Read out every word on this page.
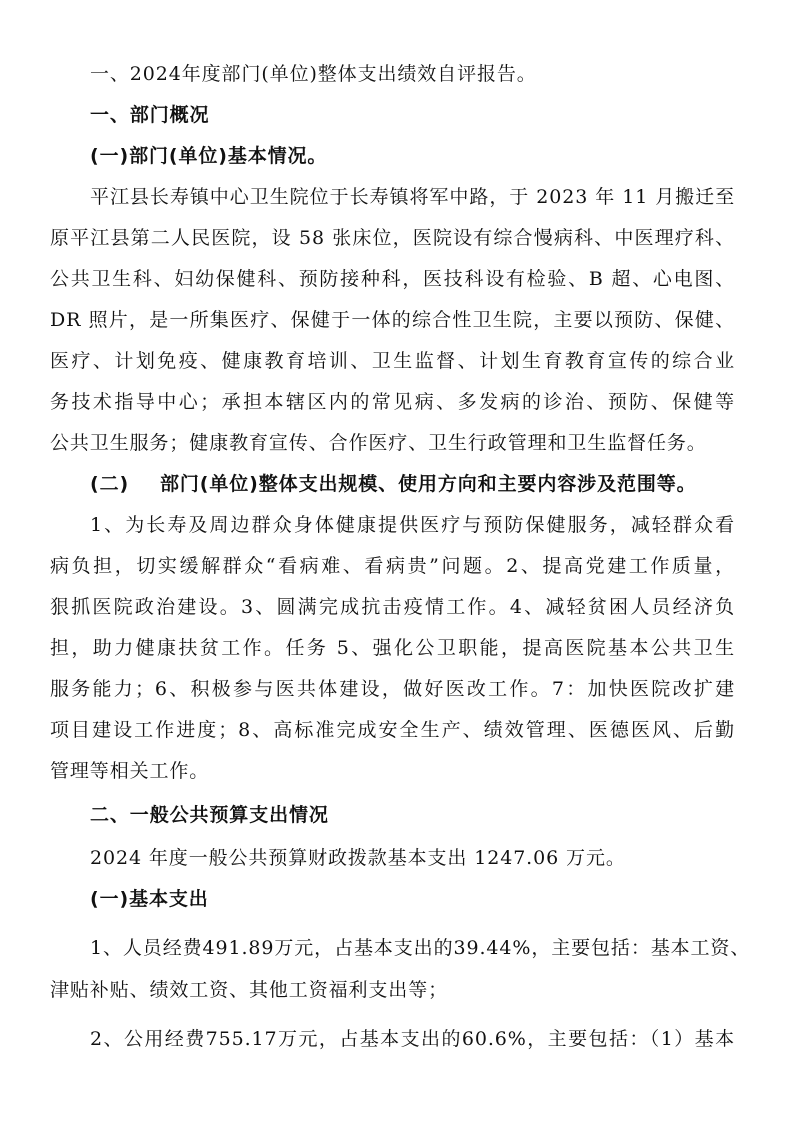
一、2024年度部门(单位)整体支出绩效自评报告。
一、部门概况
(一)部门(单位)基本情况。
平江县长寿镇中心卫生院位于长寿镇将军中路，于 2023 年 11 月搬迁至
原平江县第二人民医院，设 58 张床位，医院设有综合慢病科、中医理疗科、
公共卫生科、妇幼保健科、预防接种科，医技科设有检验、B 超、心电图、
DR 照片，是一所集医疗、保健于一体的综合性卫生院，主要以预防、保健、
医疗、计划免疫、健康教育培训、卫生监督、计划生育教育宣传的综合业
务技术指导中心；承担本辖区内的常见病、多发病的诊治、预防、保健等
公共卫生服务；健康教育宣传、合作医疗、卫生行政管理和卫生监督任务。
(二) 部门(单位)整体支出规模、使用方向和主要内容涉及范围等。
1、为长寿及周边群众身体健康提供医疗与预防保健服务，减轻群众看
病负担，切实缓解群众“看病难、看病贵”问题。2、提高党建工作质量，
狠抓医院政治建设。3、圆满完成抗击疫情工作。4、减轻贫困人员经济负
担，助力健康扶贫工作。任务 5、强化公卫职能，提高医院基本公共卫生
服务能力；6、积极参与医共体建设，做好医改工作。7：加快医院改扩建
项目建设工作进度；8、高标准完成安全生产、绩效管理、医德医风、后勤
管理等相关工作。
二、一般公共预算支出情况
2024 年度一般公共预算财政拨款基本支出 1247.06 万元。
(一)基本支出
1、人员经费491.89万元，占基本支出的39.44%，主要包括：基本工资、
津贴补贴、绩效工资、其他工资福利支出等；
2、公用经费755.17万元，占基本支出的60.6%，主要包括：（1）基本
